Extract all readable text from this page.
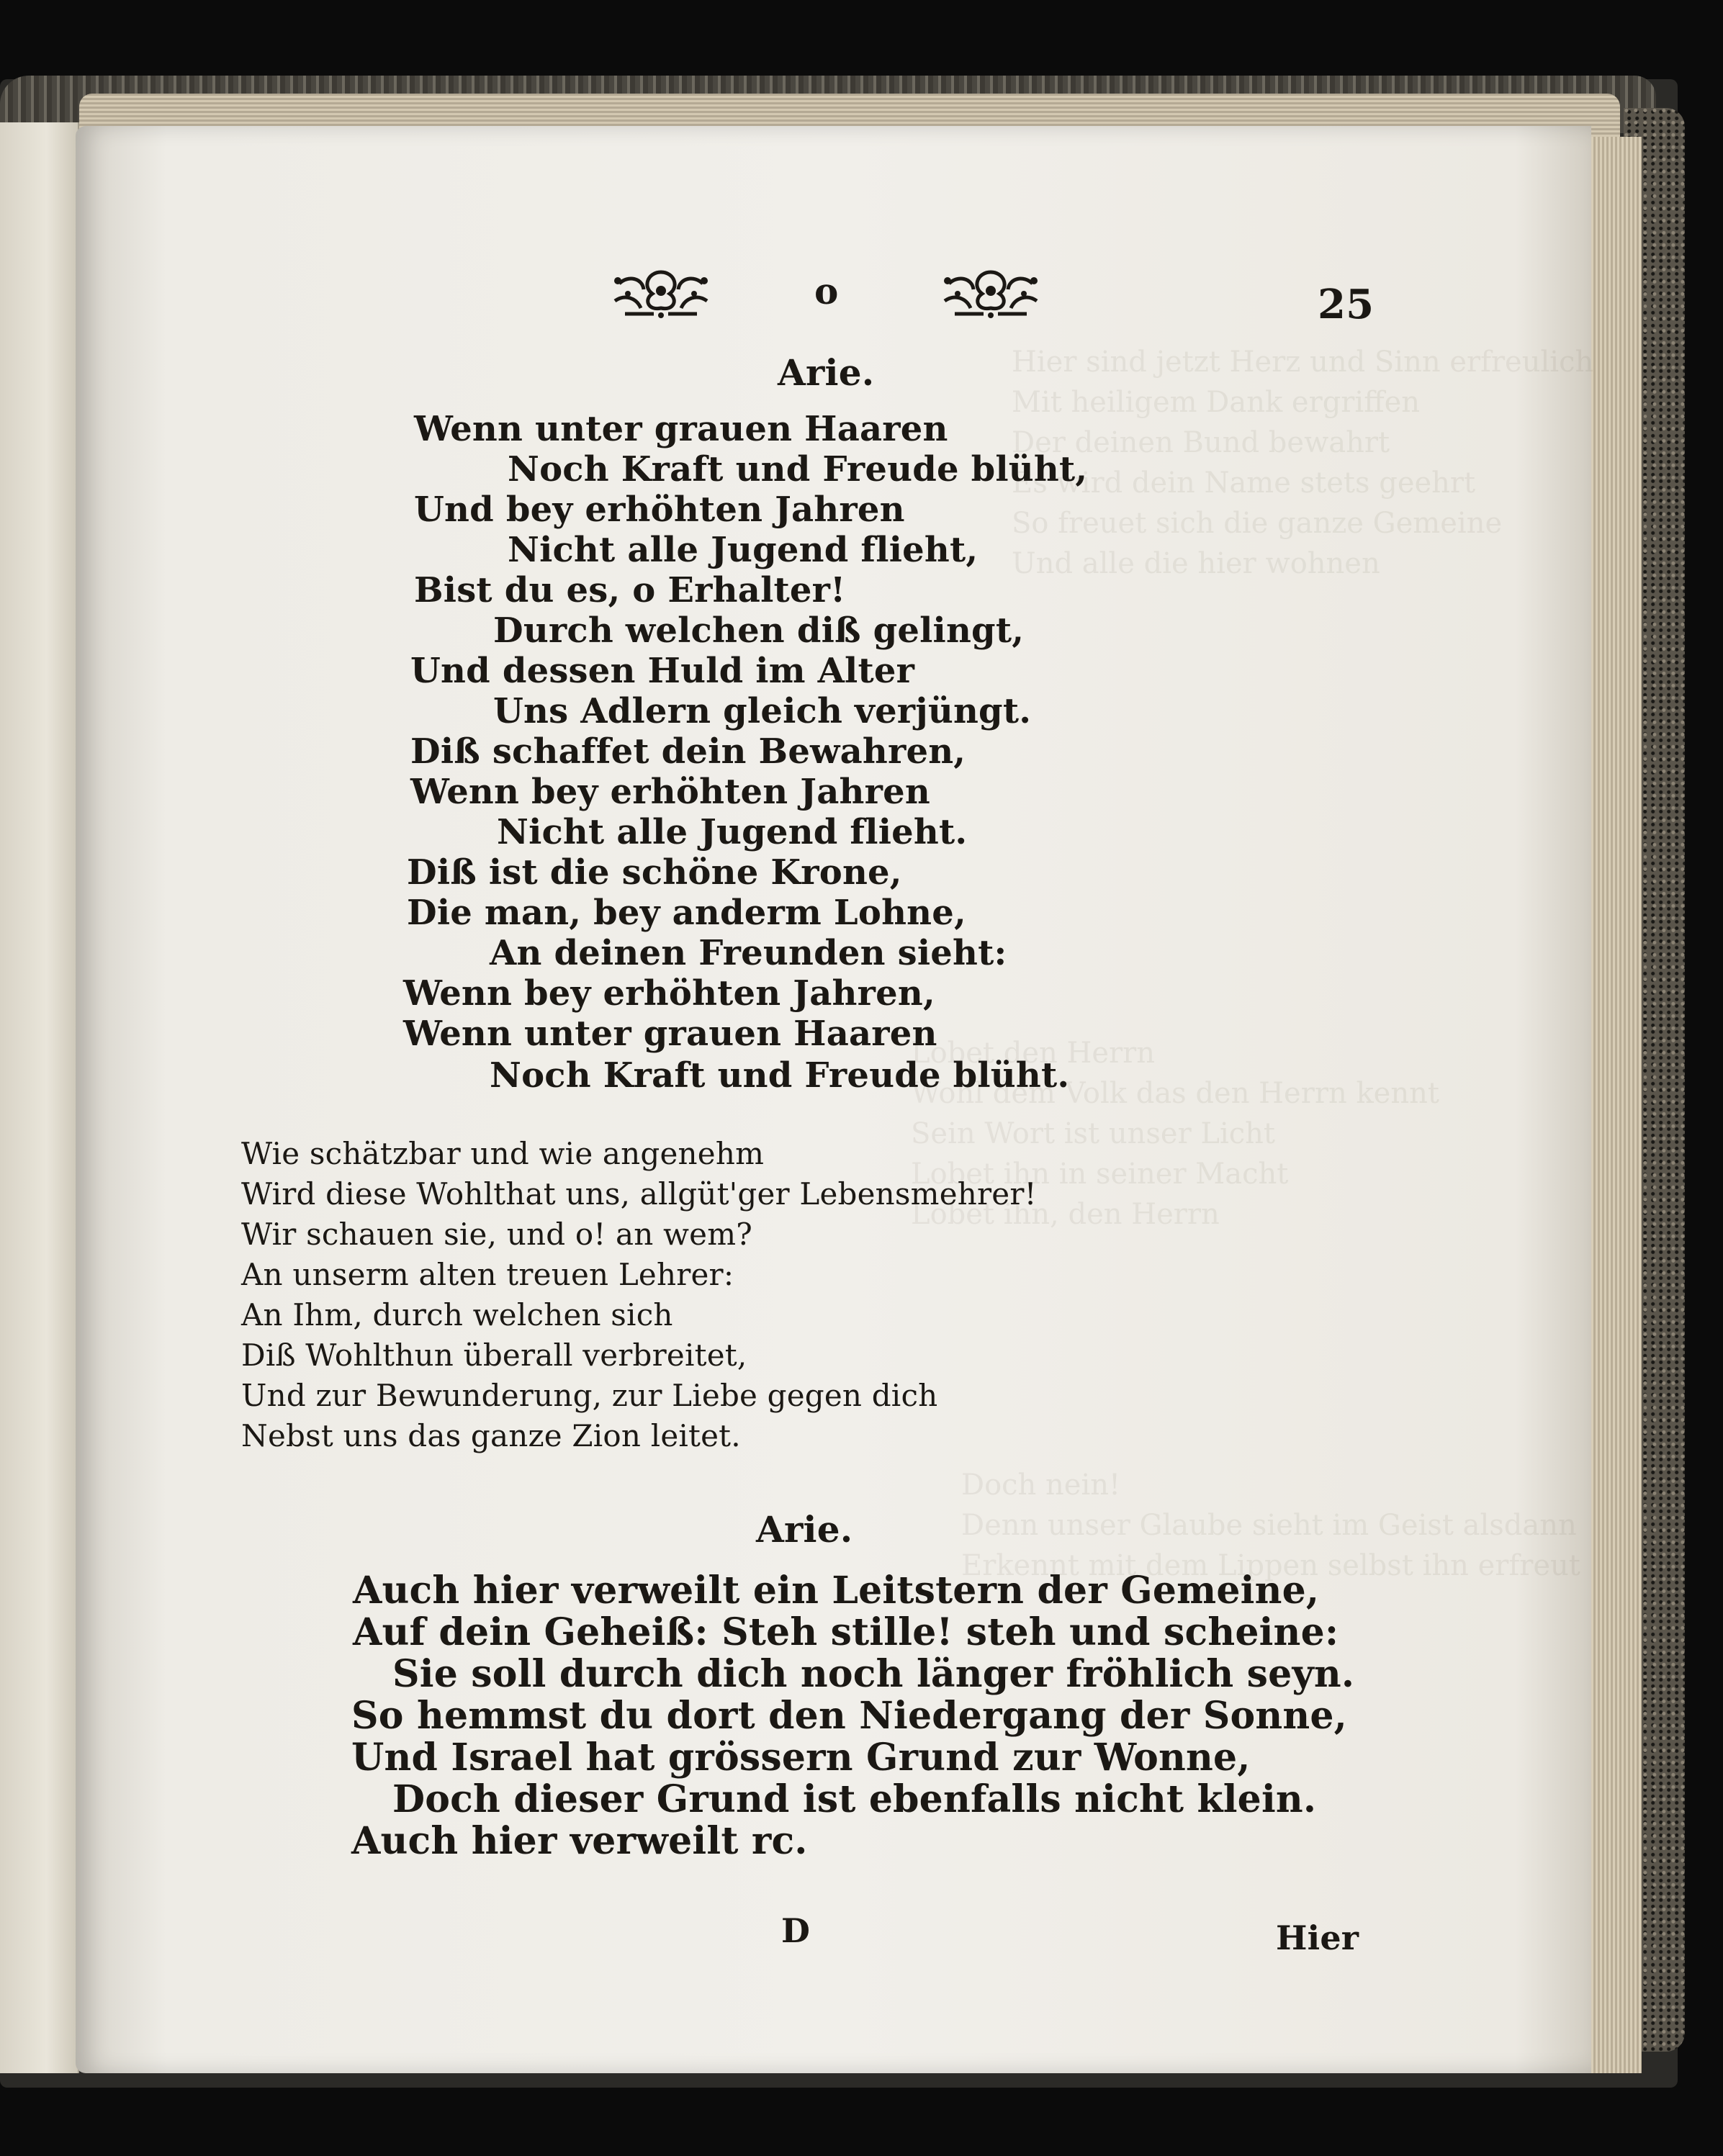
Hier sind jetzt Herz und Sinn erfreulich
Mit heiligem Dank ergriffen
Der deinen Bund bewahrt
Es wird dein Name stets geehrt
So freuet sich die ganze Gemeine
Und alle die hier wohnen
Lobet den Herrn
Wohl dem Volk das den Herrn kennt
Sein Wort ist unser Licht
Lobet ihn in seiner Macht
Lobet ihn, den Herrn
Doch nein!
Denn unser Glaube sieht im Geist alsdann
Erkennt mit dem Lippen selbst ihn erfreut
o	25
Arie.
Wenn unter grauen Haaren
Noch Kraft und Freude blüht,
Und bey erhöhten Jahren
Nicht alle Jugend flieht,
Bist du es, o Erhalter!
Durch welchen diß gelingt,
Und dessen Huld im Alter
Uns Adlern gleich verjüngt.
Diß schaffet dein Bewahren,
Wenn bey erhöhten Jahren
Nicht alle Jugend flieht.
Diß ist die schöne Krone,
Die man, bey anderm Lohne,
An deinen Freunden sieht:
Wenn bey erhöhten Jahren,
Wenn unter grauen Haaren
Noch Kraft und Freude blüht.
Wie schätzbar und wie angenehm
Wird diese Wohlthat uns, allgüt'ger Lebensmehrer!
Wir schauen sie, und o! an wem?
An unserm alten treuen Lehrer:
An Ihm, durch welchen sich
Diß Wohlthun überall verbreitet,
Und zur Bewunderung, zur Liebe gegen dich
Nebst uns das ganze Zion leitet.
Arie.
Auch hier verweilt ein Leitstern der Gemeine,
Auf dein Geheiß: Steh stille! steh und scheine:
Sie soll durch dich noch länger fröhlich seyn.
So hemmst du dort den Niedergang der Sonne,
Und Israel hat grössern Grund zur Wonne,
Doch dieser Grund ist ebenfalls nicht klein.
Auch hier verweilt rc.
D	Hier
